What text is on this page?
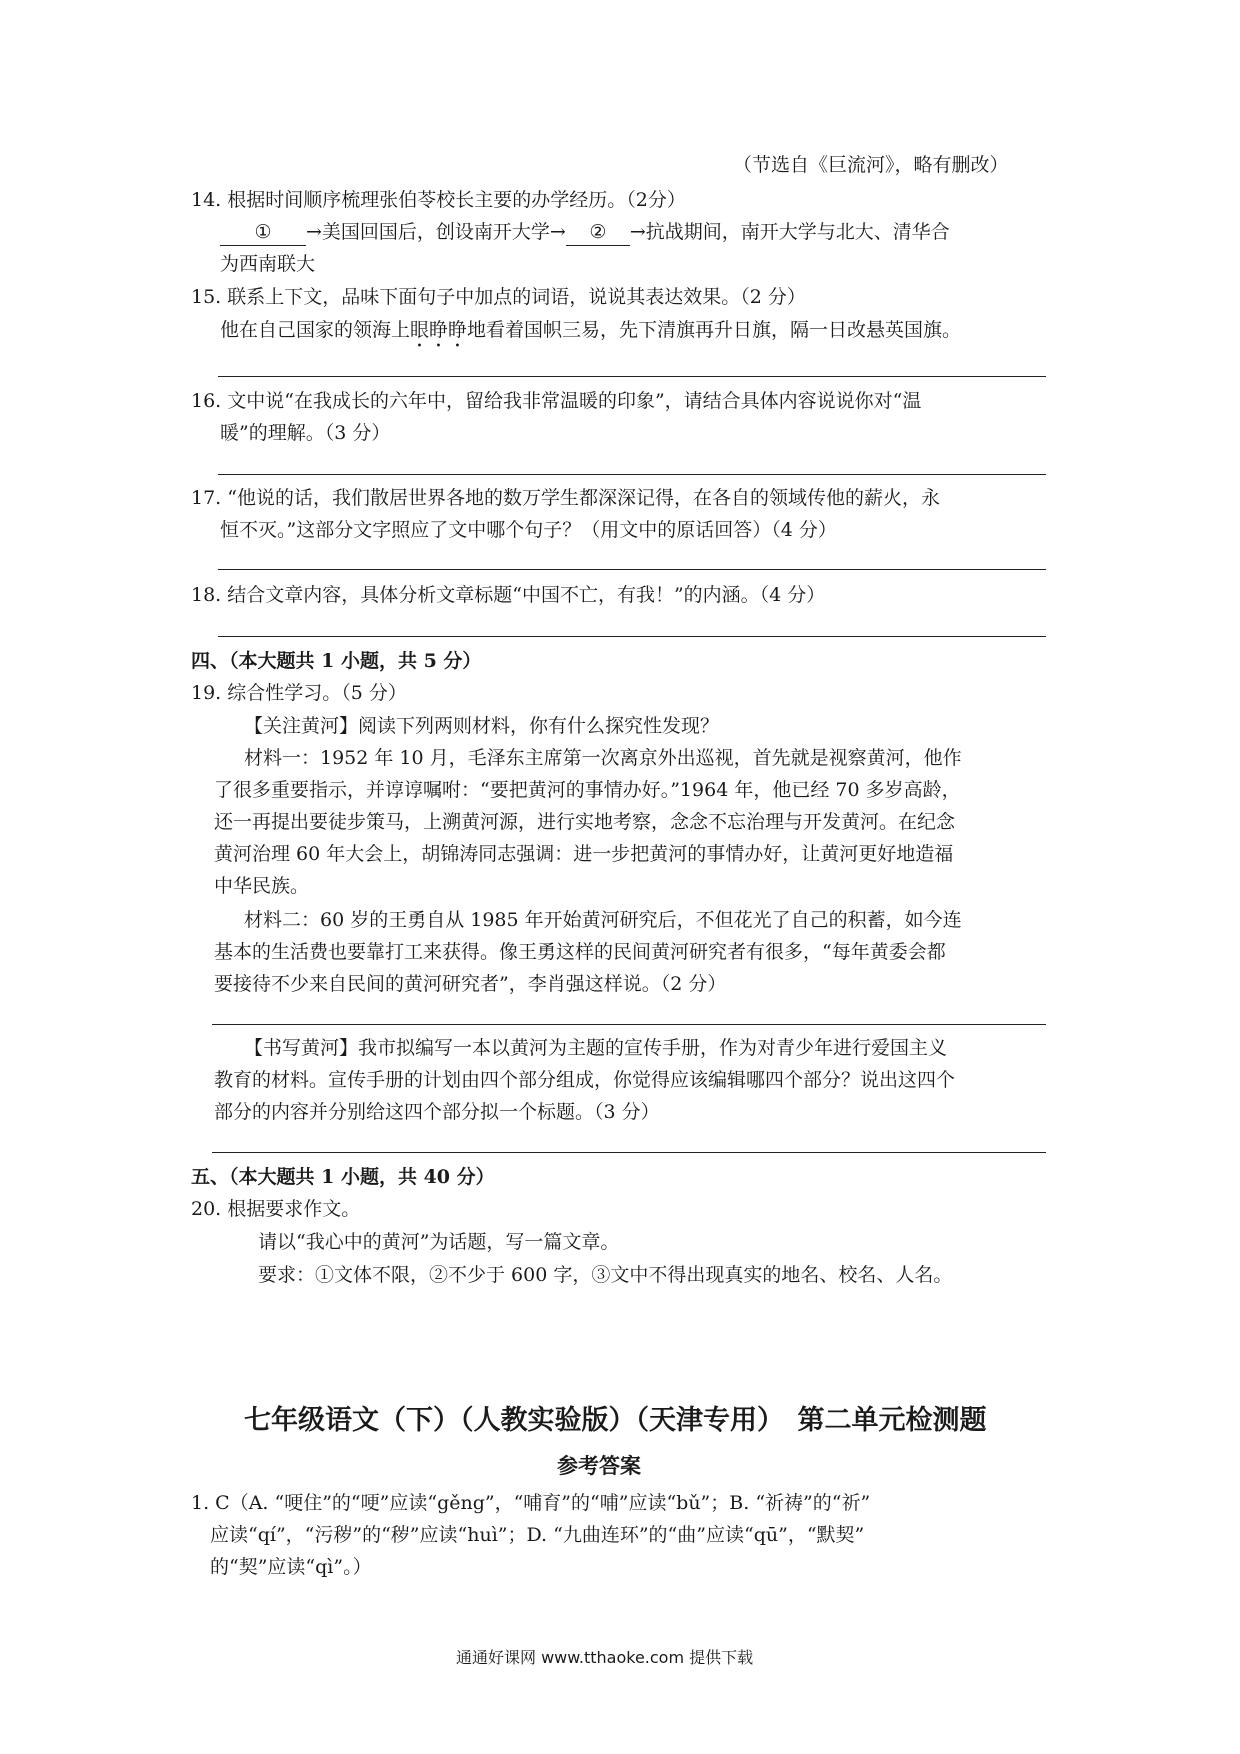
（节选自《巨流河》，略有删改）
14. 根据时间顺序梳理张伯苓校长主要的办学经历。（2分）
① →美国回国后，创设南开大学→ ② →抗战期间，南开大学与北大、清华合
为西南联大
15. 联系上下文，品味下面句子中加点的词语，说说其表达效果。（2 分）
他在自己国家的领海上眼睁睁地看着国帜三易，先下清旗再升日旗，隔一日改悬英国旗。
16. 文中说“在我成长的六年中，留给我非常温暖的印象”，请结合具体内容说说你对“温
暖”的理解。（3 分）
17. “他说的话，我们散居世界各地的数万学生都深深记得，在各自的领域传他的薪火，永
恒不灭。”这部分文字照应了文中哪个句子？（用文中的原话回答）（4 分）
18. 结合文章内容，具体分析文章标题“中国不亡，有我！”的内涵。（4 分）
四、（本大题共 1 小题，共 5 分）
19. 综合性学习。（5 分）
【关注黄河】阅读下列两则材料，你有什么探究性发现？
材料一：1952 年 10 月，毛泽东主席第一次离京外出巡视，首先就是视察黄河，他作
了很多重要指示，并谆谆嘱咐：“要把黄河的事情办好。”1964 年，他已经 70 多岁高龄，
还一再提出要徒步策马，上溯黄河源，进行实地考察，念念不忘治理与开发黄河。在纪念
黄河治理 60 年大会上，胡锦涛同志强调：进一步把黄河的事情办好，让黄河更好地造福
中华民族。
材料二：60 岁的王勇自从 1985 年开始黄河研究后，不但花光了自己的积蓄，如今连
基本的生活费也要靠打工来获得。像王勇这样的民间黄河研究者有很多，“每年黄委会都
要接待不少来自民间的黄河研究者”，李肖强这样说。（2 分）
【书写黄河】我市拟编写一本以黄河为主题的宣传手册，作为对青少年进行爱国主义
教育的材料。宣传手册的计划由四个部分组成，你觉得应该编辑哪四个部分？说出这四个
部分的内容并分别给这四个部分拟一个标题。（3 分）
五、（本大题共 1 小题，共 40 分）
20. 根据要求作文。
请以“我心中的黄河”为话题，写一篇文章。
要求：①文体不限，②不少于 600 字，③文中不得出现真实的地名、校名、人名。
七年级语文（下）（人教实验版）（天津专用）　第二单元检测题
参考答案
1. C（A. “哽住”的“哽”应读“gěng”，“哺育”的“哺”应读“bǔ”；B. “祈祷”的“祈”
应读“qí”，“污秽”的“秽”应读“huì”；D. “九曲连环”的“曲”应读“qū”，“默契”
的“契”应读“qì”。）
通通好课网 www.tthaoke.com 提供下载
